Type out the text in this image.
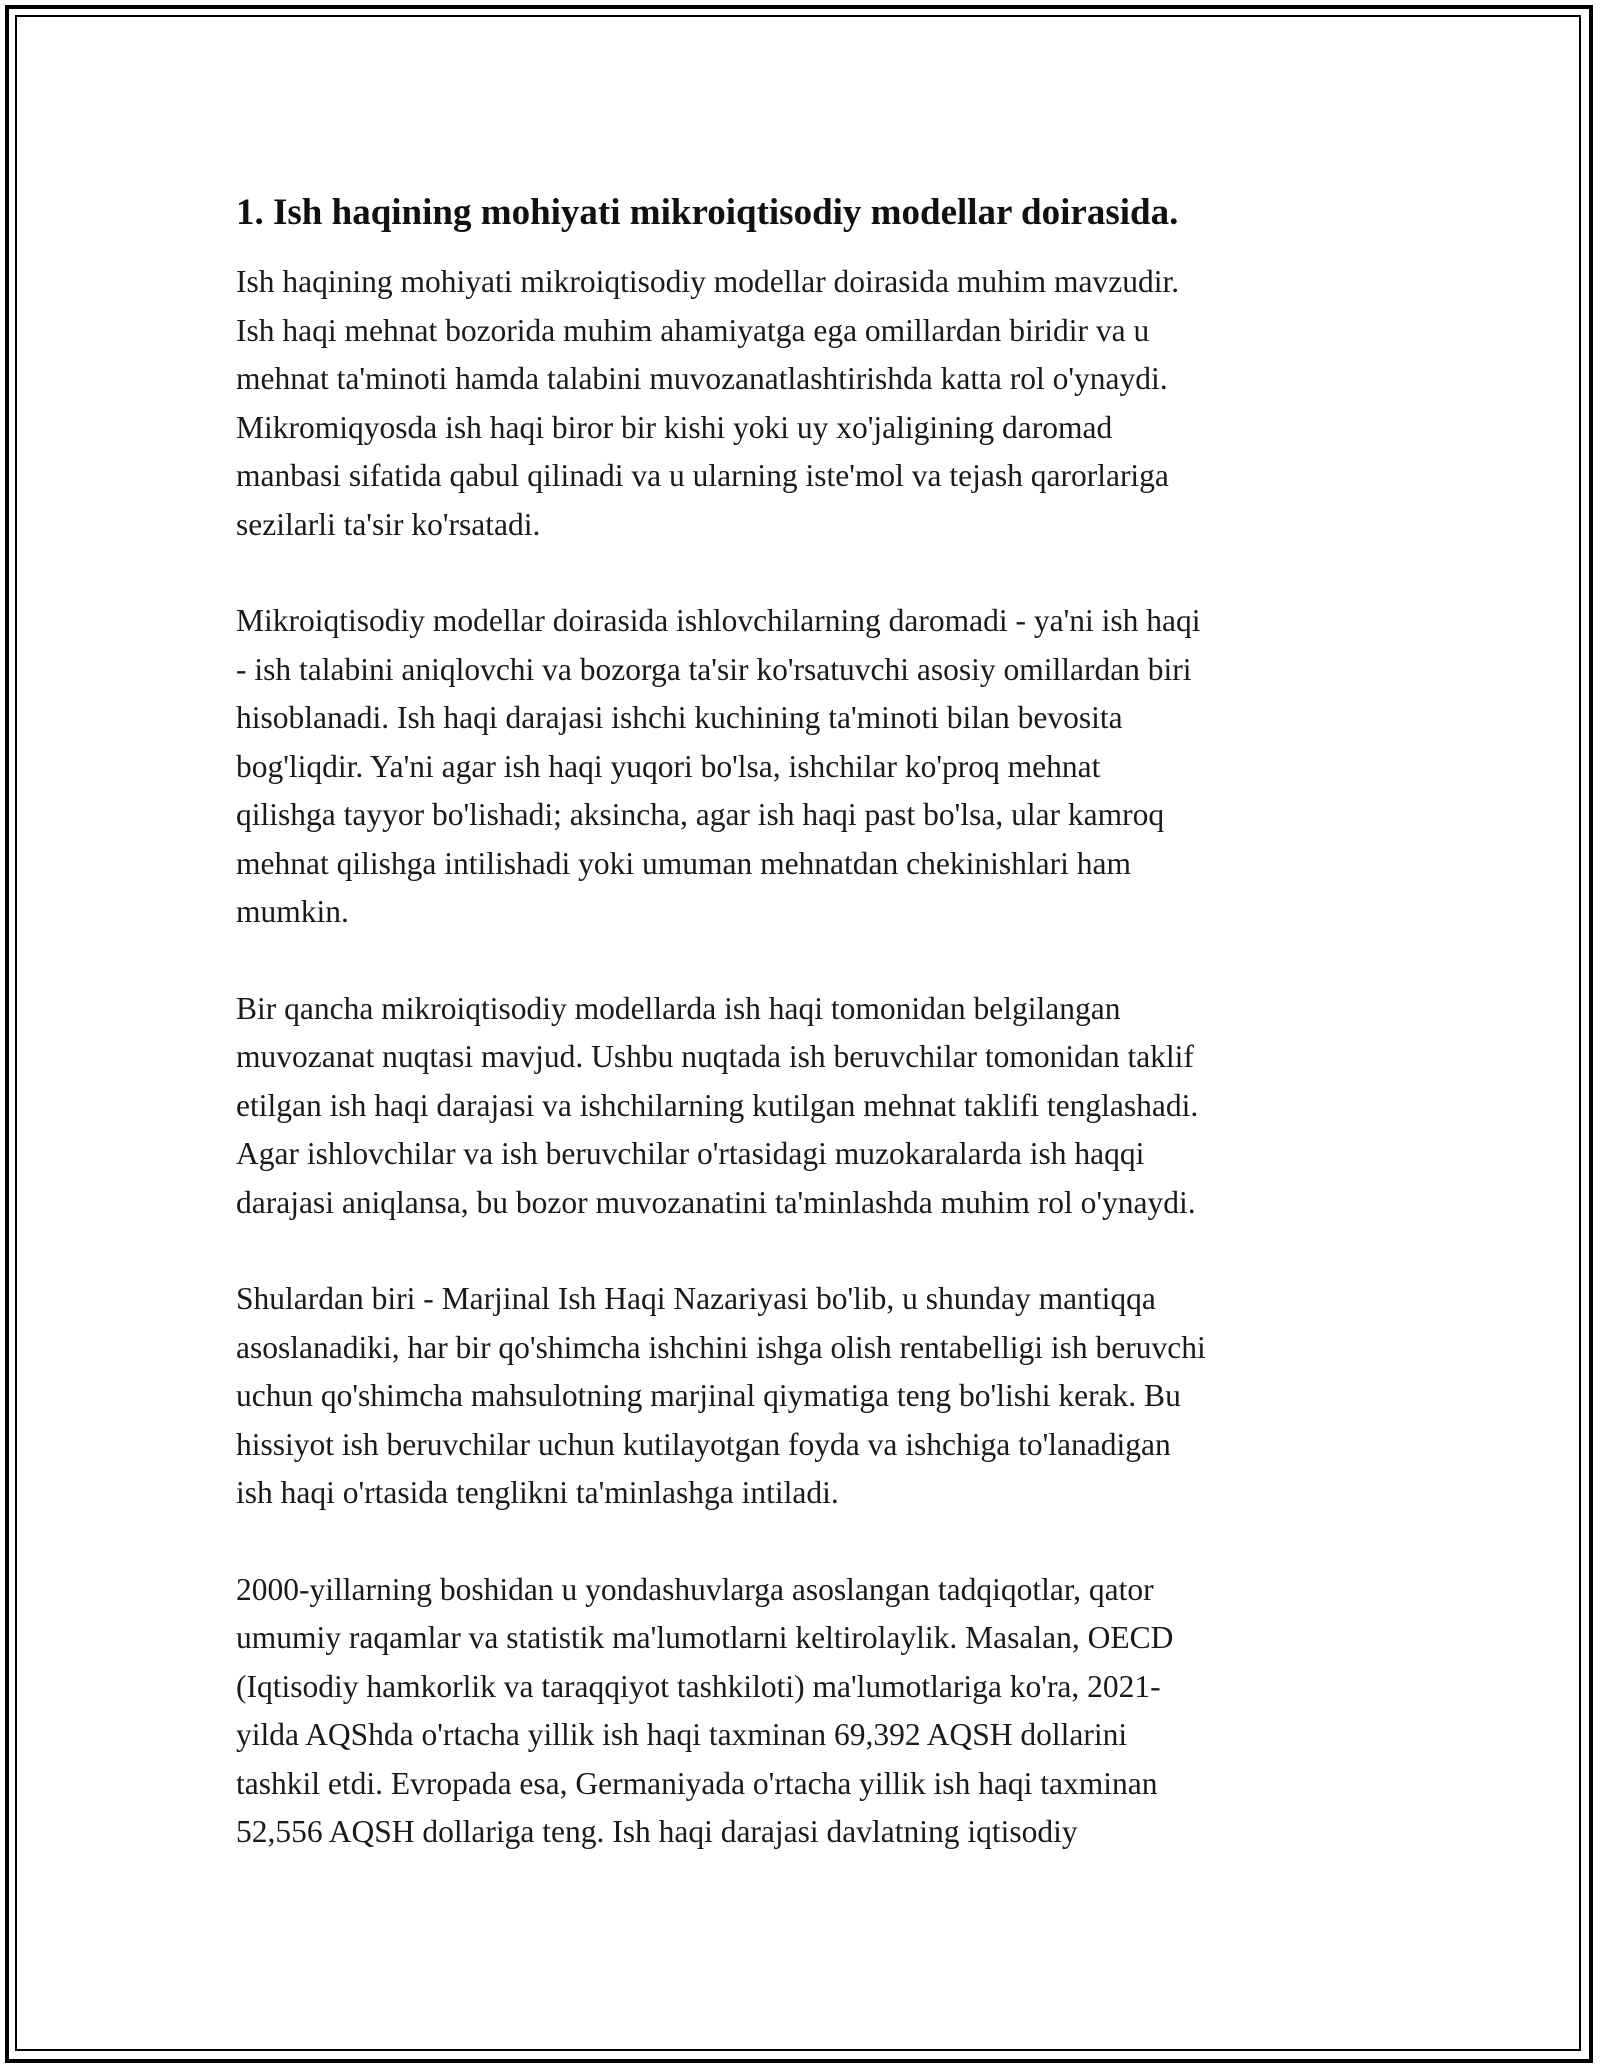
1. Ish haqining mohiyati mikroiqtisodiy modellar doirasida.

Ish haqining mohiyati mikroiqtisodiy modellar doirasida muhim mavzudir.
Ish haqi mehnat bozorida muhim ahamiyatga ega omillardan biridir va u
mehnat ta'minoti hamda talabini muvozanatlashtirishda katta rol o'ynaydi.
Mikromiqyosda ish haqi biror bir kishi yoki uy xo'jaligining daromad
manbasi sifatida qabul qilinadi va u ularning iste'mol va tejash qarorlariga
sezilarli ta'sir ko'rsatadi.

Mikroiqtisodiy modellar doirasida ishlovchilarning daromadi - ya'ni ish haqi
- ish talabini aniqlovchi va bozorga ta'sir ko'rsatuvchi asosiy omillardan biri
hisoblanadi. Ish haqi darajasi ishchi kuchining ta'minoti bilan bevosita
bog'liqdir. Ya'ni agar ish haqi yuqori bo'lsa, ishchilar ko'proq mehnat
qilishga tayyor bo'lishadi; aksincha, agar ish haqi past bo'lsa, ular kamroq
mehnat qilishga intilishadi yoki umuman mehnatdan chekinishlari ham
mumkin.

Bir qancha mikroiqtisodiy modellarda ish haqi tomonidan belgilangan
muvozanat nuqtasi mavjud. Ushbu nuqtada ish beruvchilar tomonidan taklif
etilgan ish haqi darajasi va ishchilarning kutilgan mehnat taklifi tenglashadi.
Agar ishlovchilar va ish beruvchilar o'rtasidagi muzokaralarda ish haqqi
darajasi aniqlansa, bu bozor muvozanatini ta'minlashda muhim rol o'ynaydi.

Shulardan biri - Marjinal Ish Haqi Nazariyasi bo'lib, u shunday mantiqqa
asoslanadiki, har bir qo'shimcha ishchini ishga olish rentabelligi ish beruvchi
uchun qo'shimcha mahsulotning marjinal qiymatiga teng bo'lishi kerak. Bu
hissiyot ish beruvchilar uchun kutilayotgan foyda va ishchiga to'lanadigan
ish haqi o'rtasida tenglikni ta'minlashga intiladi.

2000-yillarning boshidan u yondashuvlarga asoslangan tadqiqotlar, qator
umumiy raqamlar va statistik ma'lumotlarni keltirolaylik. Masalan, OECD
(Iqtisodiy hamkorlik va taraqqiyot tashkiloti) ma'lumotlariga ko'ra, 2021-
yilda AQShda o'rtacha yillik ish haqi taxminan 69,392 AQSH dollarini
tashkil etdi. Evropada esa, Germaniyada o'rtacha yillik ish haqi taxminan
52,556 AQSH dollariga teng. Ish haqi darajasi davlatning iqtisodiy
